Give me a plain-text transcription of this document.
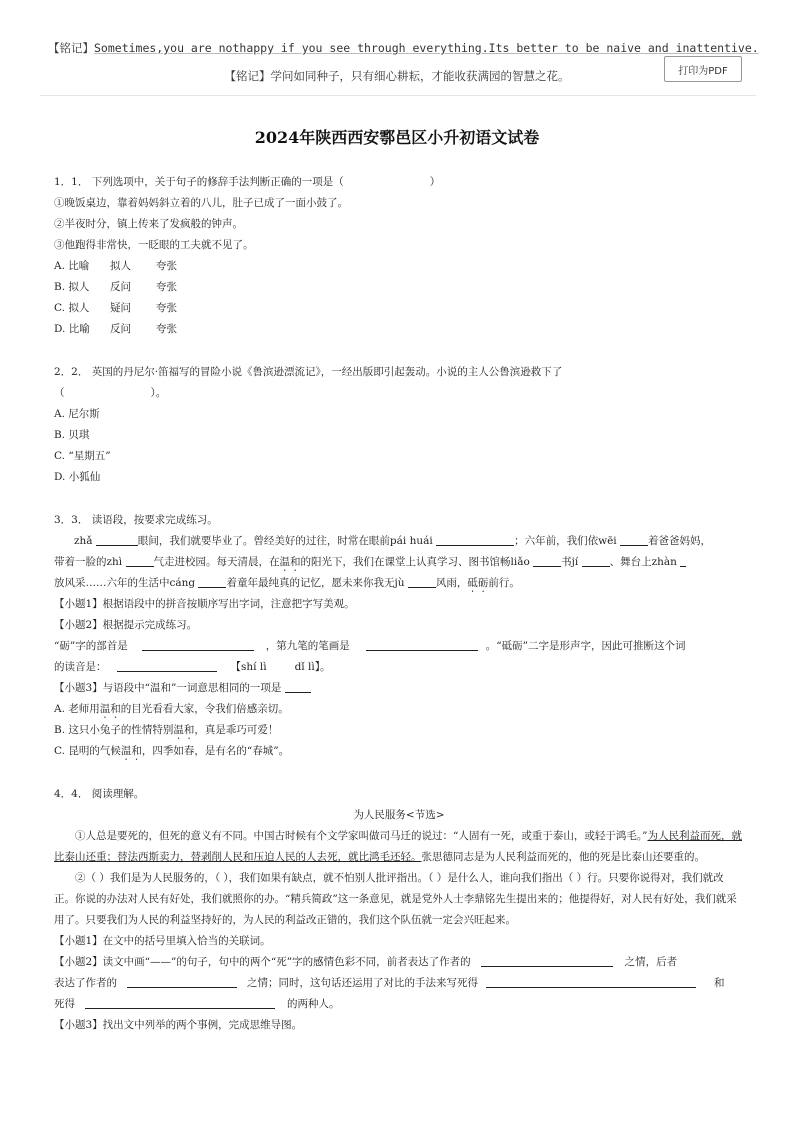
【铭记】Sometimes,you are nothappy if you see through everything.Its better to be naive and inattentive.
【铭记】学问如同种子，只有细心耕耘，才能收获满园的智慧之花。	打印为PDF
2024年陕西西安鄠邑区小升初语文试卷
1．1． 下列选项中，关于句子的修辞手法判断正确的一项是（	）
①晚饭桌边，靠着妈妈斜立着的八儿，肚子已成了一面小鼓了。
②半夜时分，镇上传来了发疯般的钟声。
③他跑得非常快，一眨眼的工夫就不见了。
A. 比喻 拟人 夸张
B. 拟人 反问 夸张
C. 拟人 疑问 夸张
D. 比喻 反问 夸张
2．2． 英国的丹尼尔·笛福写的冒险小说《鲁滨逊漂流记》，一经出版即引起轰动。小说的主人公鲁滨逊救下了
（	）。
A. 尼尔斯
B. 贝琪
C. “星期五”
D. 小狐仙
3．3． 读语段，按要求完成练习。
zhǎ	眼间，我们就要毕业了。曾经美好的过往，时常在眼前pái huái	；六年前，我们依wēi	着爸爸妈妈，
带着一脸的zhì	气走进校园。每天清晨，在温和的阳光下，我们在课堂上认真学习、图书馆畅liǎo	书jí	、舞台上zhàn
放风采……六年的生活中cáng	着童年最纯真的记忆，愿未来你我无jù	风雨，砥砺前行。
【小题1】根据语段中的拼音按顺序写出字词，注意把字写美观。
【小题2】根据提示完成练习。
“砺”字的部首是	，第九笔的笔画是	。“砥砺”二字是形声字，因此可推断这个词
的读音是：	【shí lì	dǐ lì】。
【小题3】与语段中“温和”一词意思相同的一项是
A. 老师用温和的目光看看大家，令我们倍感亲切。
B. 这只小兔子的性情特别温和，真是乖巧可爱！
C. 昆明的气候温和，四季如春，是有名的“春城”。
4．4． 阅读理解。
为人民服务<节选>
①人总是要死的，但死的意义有不同。中国古时候有个文学家叫做司马迁的说过：“人固有一死，或重于泰山，或轻于鸿毛。”为人民利益而死，就比泰山还重；替法西斯卖力，替剥削人民和压迫人民的人去死，就比鸿毛还轻。张思德同志是为人民利益而死的，他的死是比泰山还要重的。
②（ ）我们是为人民服务的，（ ），我们如果有缺点，就不怕别人批评指出。（ ）是什么人，谁向我们指出（ ）行。只要你说得对，我们就改正。你说的办法对人民有好处，我们就照你的办。“精兵简政”这一条意见，就是党外人士李鼎铭先生提出来的；他提得好，对人民有好处，我们就采用了。只要我们为人民的利益坚持好的，为人民的利益改正错的，我们这个队伍就一定会兴旺起来。
【小题1】在文中的括号里填入恰当的关联词。
【小题2】读文中画“——”的句子，句中的两个“死”字的感情色彩不同，前者表达了作者的	之情，后者
表达了作者的	之情；同时，这句话还运用了对比的手法来写死得	和
死得	的两种人。
【小题3】找出文中列举的两个事例，完成思维导图。
